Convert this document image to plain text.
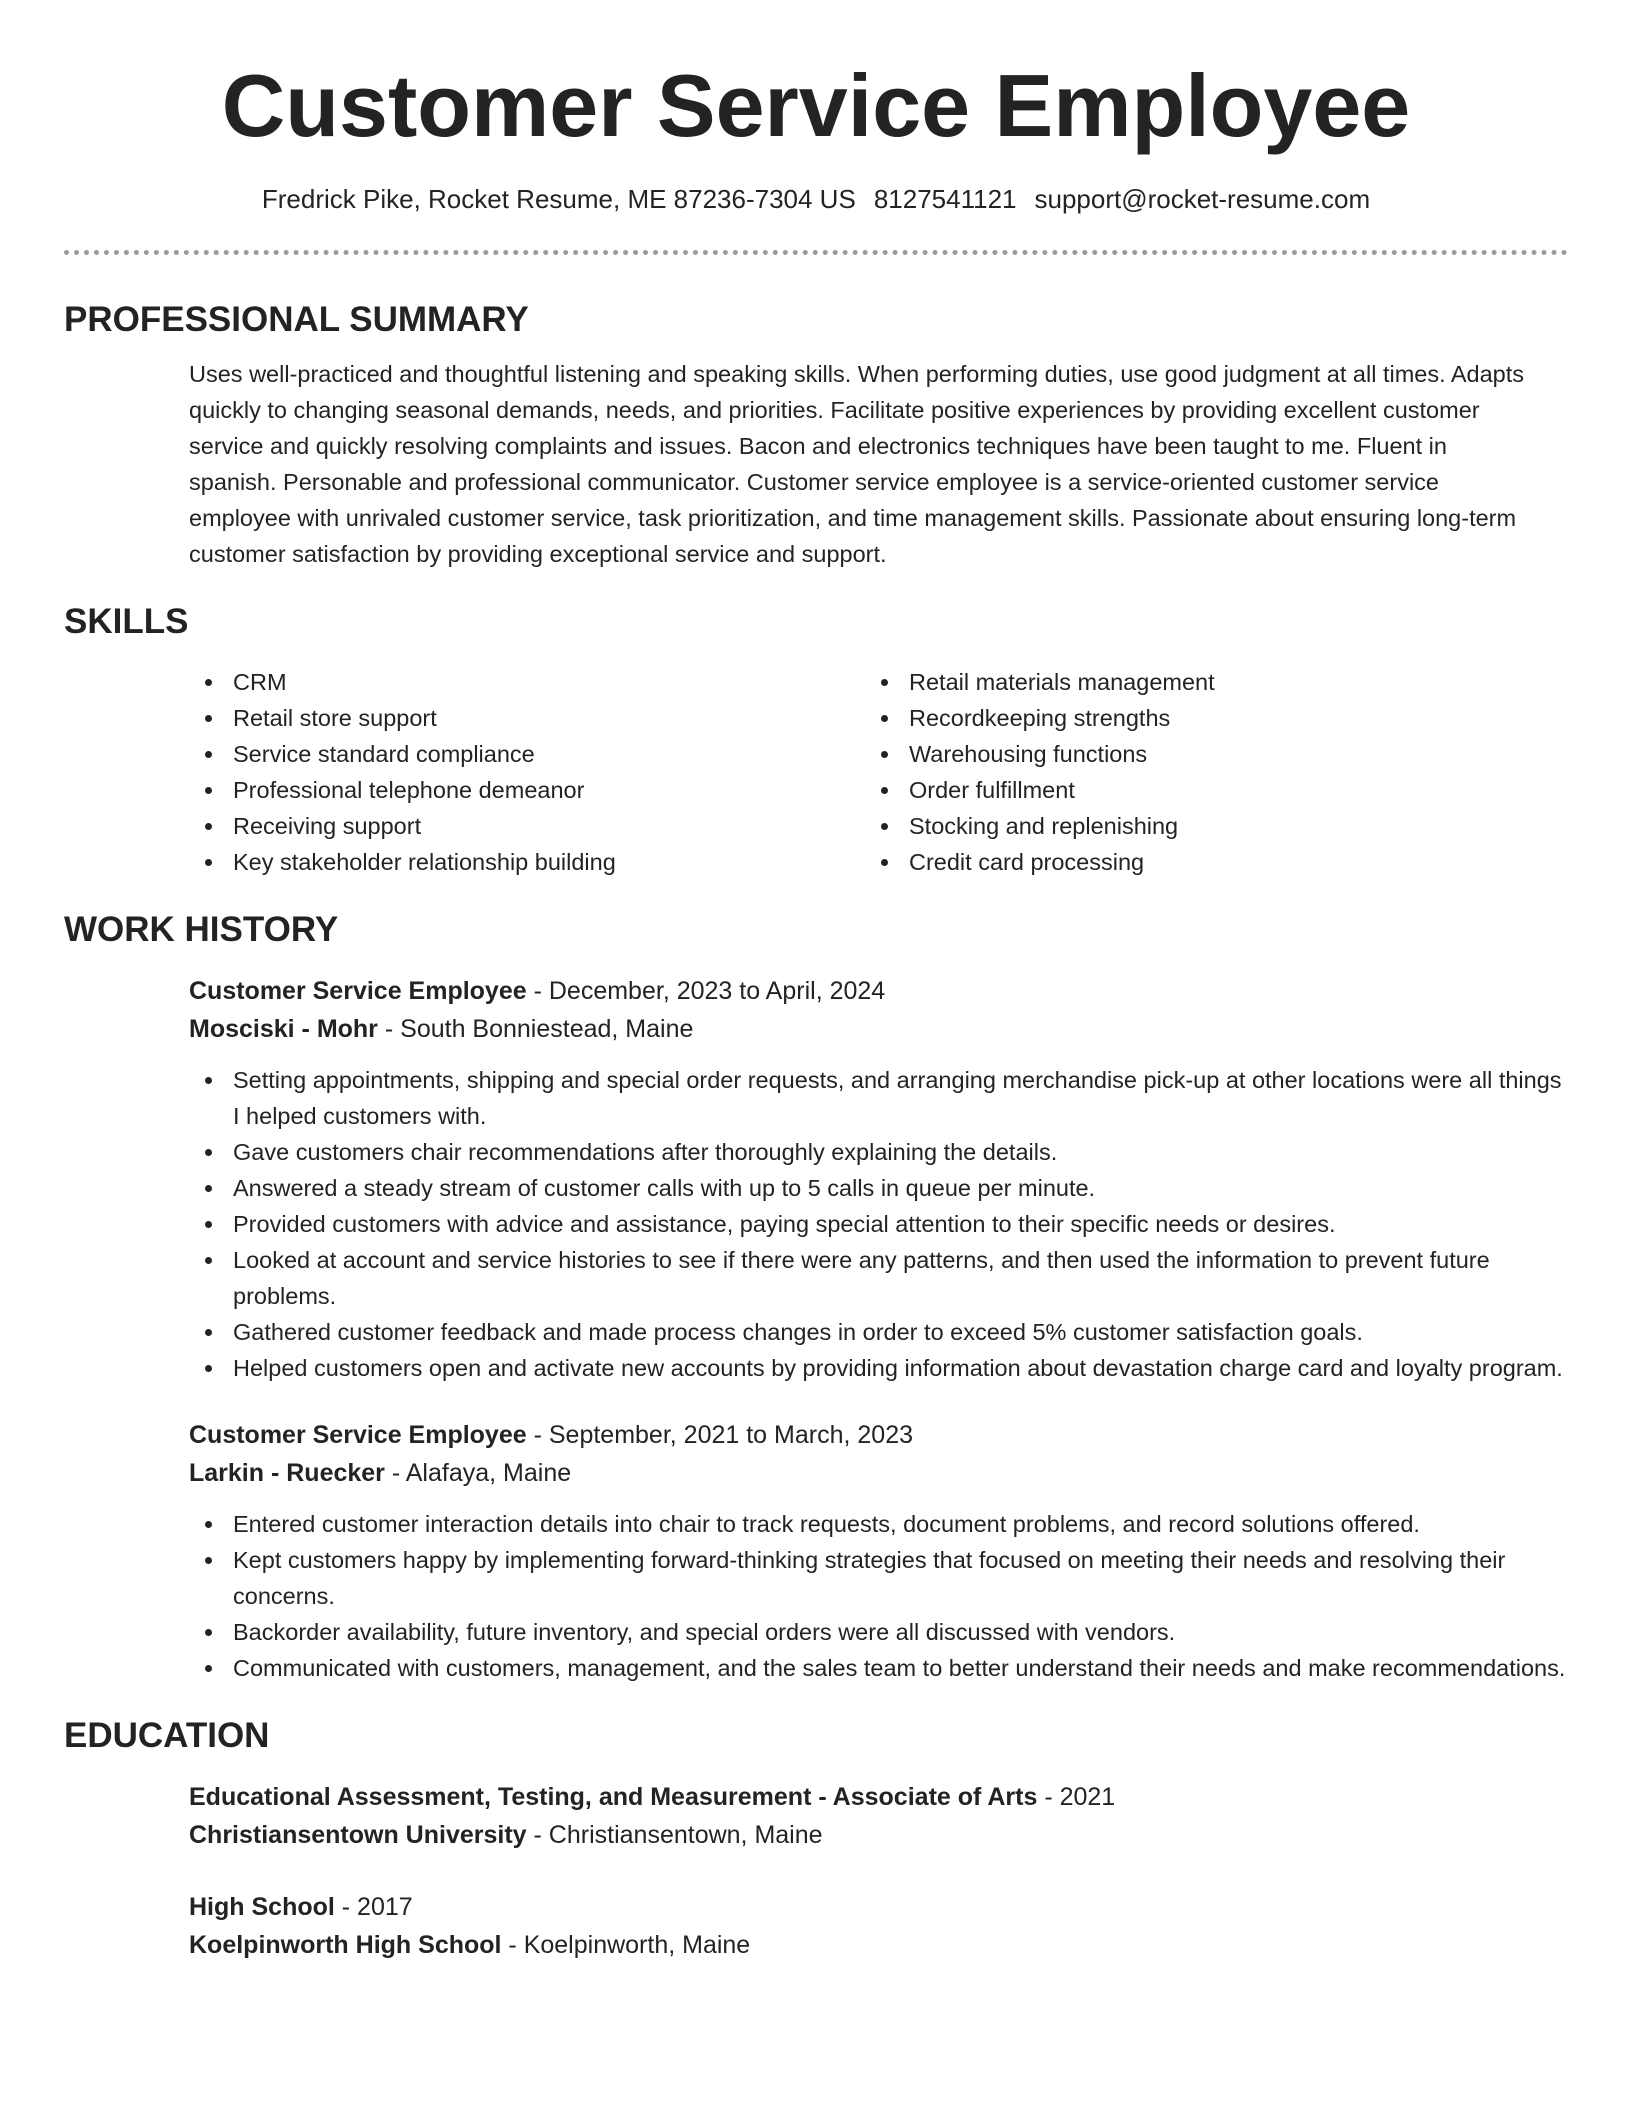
Customer Service Employee
Fredrick Pike, Rocket Resume, ME 87236-7304 US 8127541121 support@rocket-resume.com
PROFESSIONAL SUMMARY

Uses well-practiced and thoughtful listening and speaking skills. When performing duties, use good judgment at all times. Adapts quickly to changing seasonal demands, needs, and priorities. Facilitate positive experiences by providing excellent customer service and quickly resolving complaints and issues. Bacon and electronics techniques have been taught to me. Fluent in spanish. Personable and professional communicator. Customer service employee is a service-oriented customer service employee with unrivaled customer service, task prioritization, and time management skills. Passionate about ensuring long-term customer satisfaction by providing exceptional service and support.

SKILLS
CRM
Retail store support
Service standard compliance
Professional telephone demeanor
Receiving support
Key stakeholder relationship building
Retail materials management
Recordkeeping strengths
Warehousing functions
Order fulfillment
Stocking and replenishing
Credit card processing
WORK HISTORY
Customer Service Employee - December, 2023 to April, 2024
Mosciski - Mohr - South Bonniestead, Maine
Setting appointments, shipping and special order requests, and arranging merchandise pick-up at other locations were all things I helped customers with.
Gave customers chair recommendations after thoroughly explaining the details.
Answered a steady stream of customer calls with up to 5 calls in queue per minute.
Provided customers with advice and assistance, paying special attention to their specific needs or desires.
Looked at account and service histories to see if there were any patterns, and then used the information to prevent future problems.
Gathered customer feedback and made process changes in order to exceed 5% customer satisfaction goals.
Helped customers open and activate new accounts by providing information about devastation charge card and loyalty program.
Customer Service Employee - September, 2021 to March, 2023
Larkin - Ruecker - Alafaya, Maine
Entered customer interaction details into chair to track requests, document problems, and record solutions offered.
Kept customers happy by implementing forward-thinking strategies that focused on meeting their needs and resolving their concerns.
Backorder availability, future inventory, and special orders were all discussed with vendors.
Communicated with customers, management, and the sales team to better understand their needs and make recommendations.
EDUCATION
Educational Assessment, Testing, and Measurement - Associate of Arts - 2021
Christiansentown University - Christiansentown, Maine
High School - 2017
Koelpinworth High School - Koelpinworth, Maine
